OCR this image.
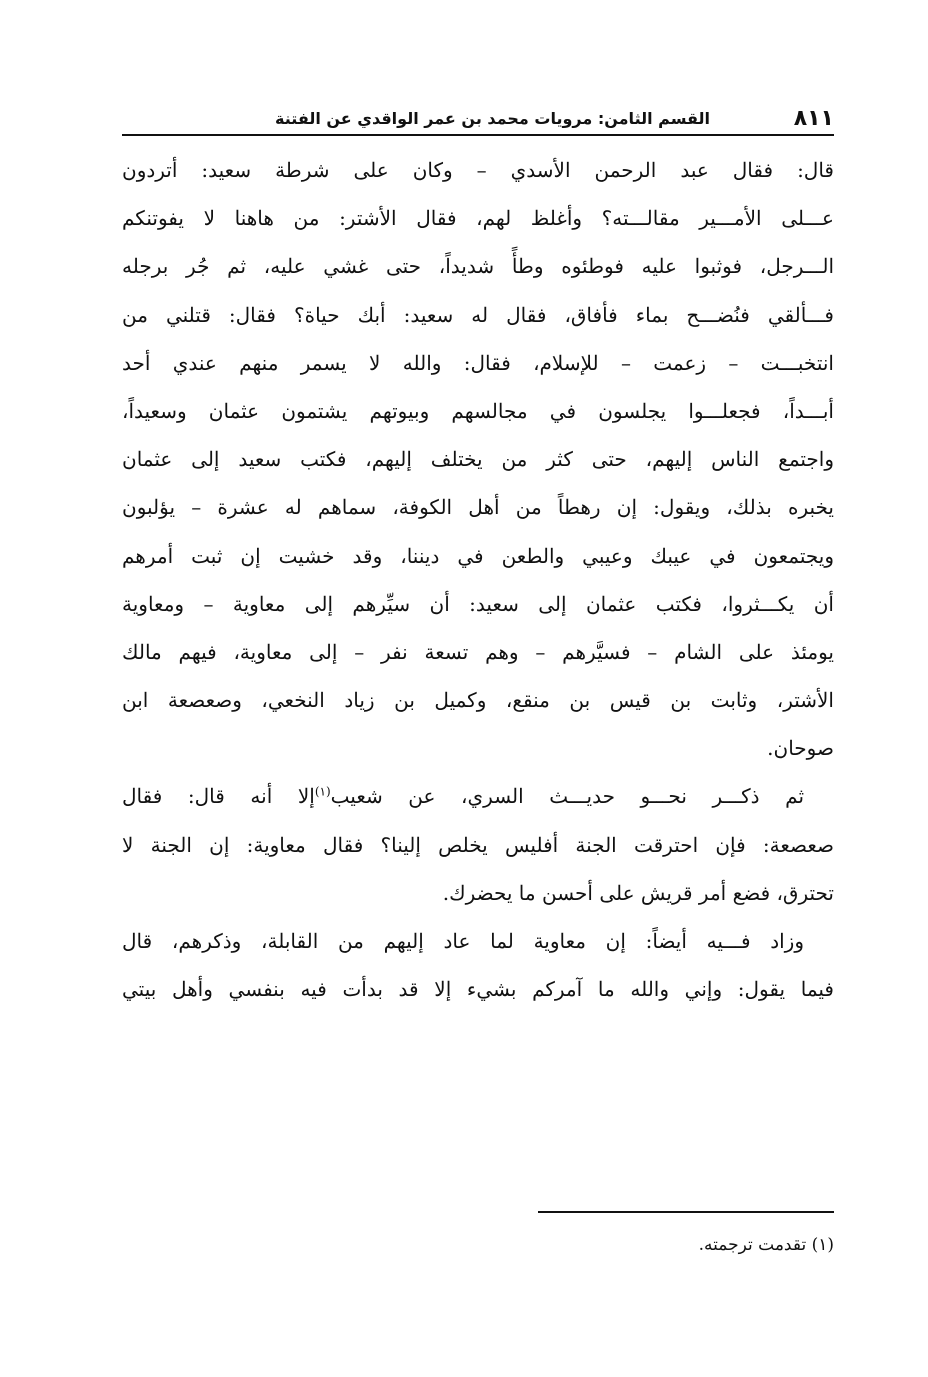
٨١١
القسم الثامن: مرويات محمد بن عمر الواقدي عن الفتنة
قال: فقال عبد الرحمن الأسدي – وكان على شرطة سعيد: أتردون
عـــلى الأمـــير مقالـــته؟ وأغلظ لهم، فقال الأشتر: من هاهنا لا يفوتنكم
الـــرجل، فوثبوا عليه فوطئوه وطأً شديداً، حتى غشي عليه، ثم جُر برجله
فـــألقي فنُضـــح بماء فأفاق، فقال له سعيد: أبك حياة؟ فقال: قتلني من
انتخبـــت – زعمت – للإسلام، فقال: والله لا يسمر منهم عندي أحد
أبـــداً، فجعلـــوا يجلسون في مجالسهم وبيوتهم يشتمون عثمان وسعيداً،
واجتمع الناس إليهم، حتى كثر من يختلف إليهم، فكتب سعيد إلى عثمان
يخبره بذلك، ويقول: إن رهطاً من أهل الكوفة، سماهم له عشرة – يؤلبون
ويجتمعون في عيبك وعيبي والطعن في ديننا، وقد خشيت إن ثبت أمرهم
أن يكـــثروا، فكتب عثمان إلى سعيد: أن سيِّرهم إلى معاوية – ومعاوية
يومئذ على الشام – فسيَّرهم – وهم تسعة نفر – إلى معاوية، فيهم مالك
الأشتر، وثابت بن قيس بن منقع، وكميل بن زياد النخعي، وصعصعة ابن
صوحان.
ثم ذكـــر نحـــو حديـــث السري، عن شعيب$^{(١)}$إلا أنه قال: فقال
صعصعة: فإن احترقت الجنة أفليس يخلص إلينا؟ فقال معاوية: إن الجنة لا
تحترق، فضع أمر قريش على أحسن ما يحضرك.
وزاد فـــيه أيضاً: إن معاوية لما عاد إليهم من القابلة، وذكرهم، قال
فيما يقول: وإني والله ما آمركم بشيء إلا قد بدأت فيه بنفسي وأهل بيتي
(١) تقدمت ترجمته.
